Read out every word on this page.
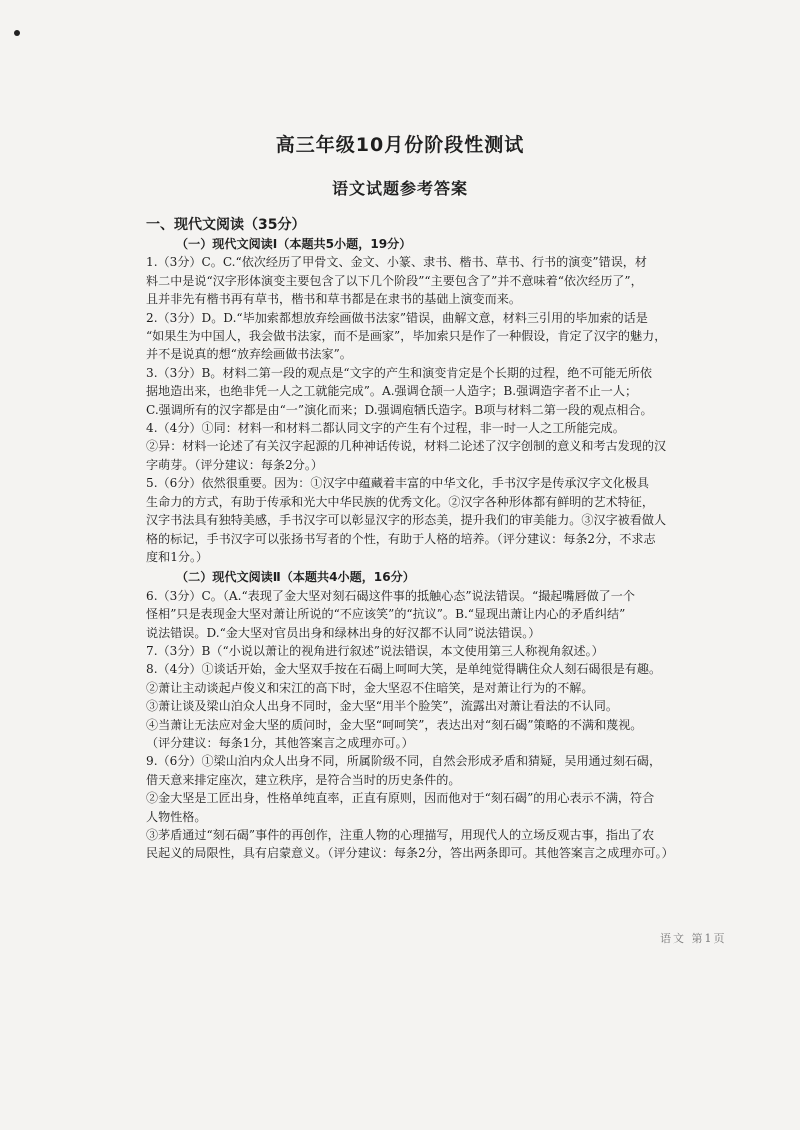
高三年级10月份阶段性测试
语文试题参考答案
一、现代文阅读（35分）

（一）现代文阅读Ⅰ（本题共5小题，19分）

1.（3分）C。C.“依次经历了甲骨文、金文、小篆、隶书、楷书、草书、行书的演变”错误，材

料二中是说“汉字形体演变主要包含了以下几个阶段”“主要包含了”并不意味着“依次经历了”，

且并非先有楷书再有草书，楷书和草书都是在隶书的基础上演变而来。

2.（3分）D。D.“毕加索都想放弃绘画做书法家”错误，曲解文意，材料三引用的毕加索的话是

“如果生为中国人，我会做书法家，而不是画家”，毕加索只是作了一种假设，肯定了汉字的魅力，

并不是说真的想“放弃绘画做书法家”。

3.（3分）B。材料二第一段的观点是“文字的产生和演变肯定是个长期的过程，绝不可能无所依

据地造出来，也绝非凭一人之工就能完成”。A.强调仓颉一人造字；B.强调造字者不止一人；

C.强调所有的汉字都是由“一”演化而来；D.强调庖牺氏造字。B项与材料二第一段的观点相合。

4.（4分）①同：材料一和材料二都认同文字的产生有个过程，非一时一人之工所能完成。

②异：材料一论述了有关汉字起源的几种神话传说，材料二论述了汉字创制的意义和考古发现的汉

字萌芽。（评分建议：每条2分。）

5.（6分）依然很重要。因为：①汉字中蕴藏着丰富的中华文化，手书汉字是传承汉字文化极具

生命力的方式，有助于传承和光大中华民族的优秀文化。②汉字各种形体都有鲜明的艺术特征，

汉字书法具有独特美感，手书汉字可以彰显汉字的形态美，提升我们的审美能力。③汉字被看做人

格的标记，手书汉字可以张扬书写者的个性，有助于人格的培养。（评分建议：每条2分，不求志

度和1分。）

（二）现代文阅读Ⅱ（本题共4小题，16分）

6.（3分）C。（A.“表现了金大坚对刻石碣这件事的抵触心态”说法错误。“撮起嘴唇做了一个

怪相”只是表现金大坚对萧让所说的“不应该笑”的“抗议”。B.“显现出萧让内心的矛盾纠结”

说法错误。D.“金大坚对官员出身和绿林出身的好汉都不认同”说法错误。）

7.（3分）B（“小说以萧让的视角进行叙述”说法错误，本文使用第三人称视角叙述。）

8.（4分）①谈话开始，金大坚双手按在石碣上呵呵大笑，是单纯觉得瞒住众人刻石碣很是有趣。

②萧让主动谈起卢俊义和宋江的高下时，金大坚忍不住暗笑，是对萧让行为的不解。

③萧让谈及梁山泊众人出身不同时，金大坚“用半个脸笑”，流露出对萧让看法的不认同。

④当萧让无法应对金大坚的质问时，金大坚“呵呵笑”，表达出对“刻石碣”策略的不满和蔑视。

（评分建议：每条1分，其他答案言之成理亦可。）

9.（6分）①梁山泊内众人出身不同，所属阶级不同，自然会形成矛盾和猜疑，吴用通过刻石碣，

借天意来排定座次，建立秩序，是符合当时的历史条件的。

②金大坚是工匠出身，性格单纯直率，正直有原则，因而他对于“刻石碣”的用心表示不满，符合

人物性格。

③茅盾通过“刻石碣”事件的再创作，注重人物的心理描写，用现代人的立场反观古事，指出了农

民起义的局限性，具有启蒙意义。（评分建议：每条2分，答出两条即可。其他答案言之成理亦可。）

语文 第1页
